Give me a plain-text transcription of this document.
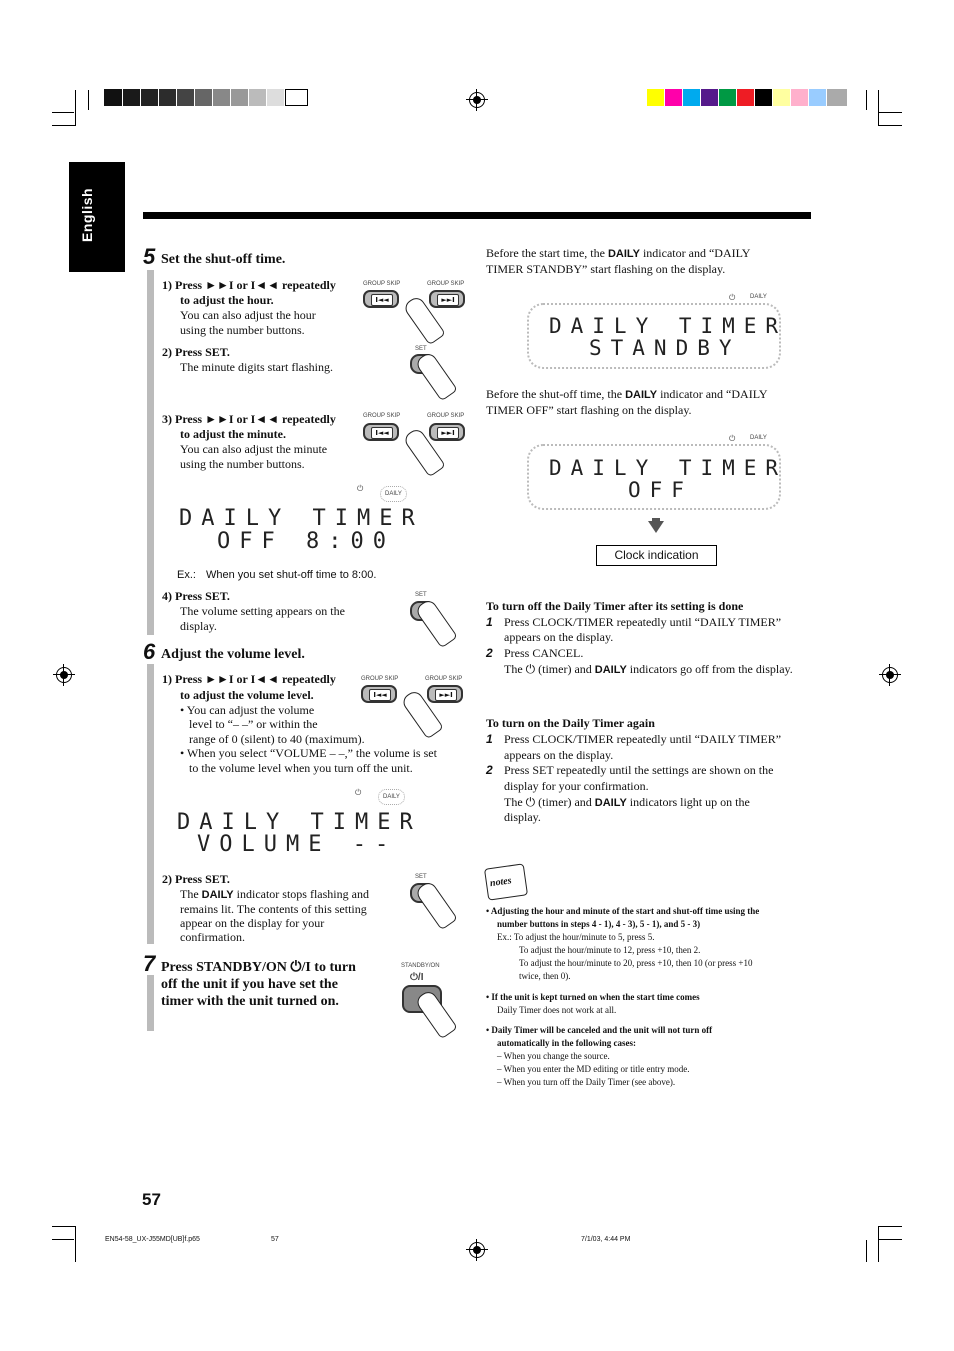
English
5 Set the shut-off time.

1) Press ►►I or I◄◄ repeatedly

to adjust the hour.

You can also adjust the hour

using the number buttons.

GROUP SKIP	GROUP SKIP
I◄◄	►►I

2) Press SET.

The minute digits start flashing.

SET

3) Press ►►I or I◄◄ repeatedly

to adjust the minute.

You can also adjust the minute

using the number buttons.

GROUP SKIP	GROUP SKIP
I◄◄	►►I
⏻
DAILY
DAILY TIMER
OFF 8:00

Ex.: When you set shut-off time to 8:00.

4) Press SET.

The volume setting appears on the

display.

SET
6 Adjust the volume level.

1) Press ►►I or I◄◄ repeatedly

to adjust the volume level.

• You can adjust the volume

level to “– –” or within the

range of 0 (silent) to 40 (maximum).

• When you select “VOLUME – –,” the volume is set

to the volume level when you turn off the unit.

GROUP SKIP	GROUP SKIP
I◄◄	►►I
⏻	DAILY
DAILY TIMER
VOLUME --

2) Press SET.

The DAILY indicator stops flashing and

remains lit. The contents of this setting

appear on the display for your

confirmation.

SET
7 Press STANDBY/ON ⏻/I to turn
off the unit if you have set the
timer with the unit turned on.
STANDBY/ON
⏻/I

Before the start time, the DAILY indicator and “DAILY

TIMER STANDBY” start flashing on the display.

⏻ DAILY
DAILY TIMER
STANDBY

Before the shut-off time, the DAILY indicator and “DAILY

TIMER OFF” start flashing on the display.

⏻ DAILY
DAILY TIMER
OFF
Clock indication

To turn off the Daily Timer after its setting is done

1 Press CLOCK/TIMER repeatedly until “DAILY TIMER”

appears on the display.

2 Press CANCEL.

The ⏻ (timer) and DAILY indicators go off from the display.

To turn on the Daily Timer again

1 Press CLOCK/TIMER repeatedly until “DAILY TIMER”

appears on the display.

2 Press SET repeatedly until the settings are shown on the

display for your confirmation.

The ⏻ (timer) and DAILY indicators light up on the

display.

notes

• Adjusting the hour and minute of the start and shut-off time using the

number buttons in steps 4 - 1), 4 - 3), 5 - 1), and 5 - 3)

Ex.: To adjust the hour/minute to 5, press 5.

To adjust the hour/minute to 12, press +10, then 2.

To adjust the hour/minute to 20, press +10, then 10 (or press +10

twice, then 0).

• If the unit is kept turned on when the start time comes

Daily Timer does not work at all.

• Daily Timer will be canceled and the unit will not turn off

automatically in the following cases:

– When you change the source.

– When you enter the MD editing or title entry mode.

– When you turn off the Daily Timer (see above).

57
EN54-58_UX-J55MD[UB]f.p65	57	7/1/03, 4:44 PM
